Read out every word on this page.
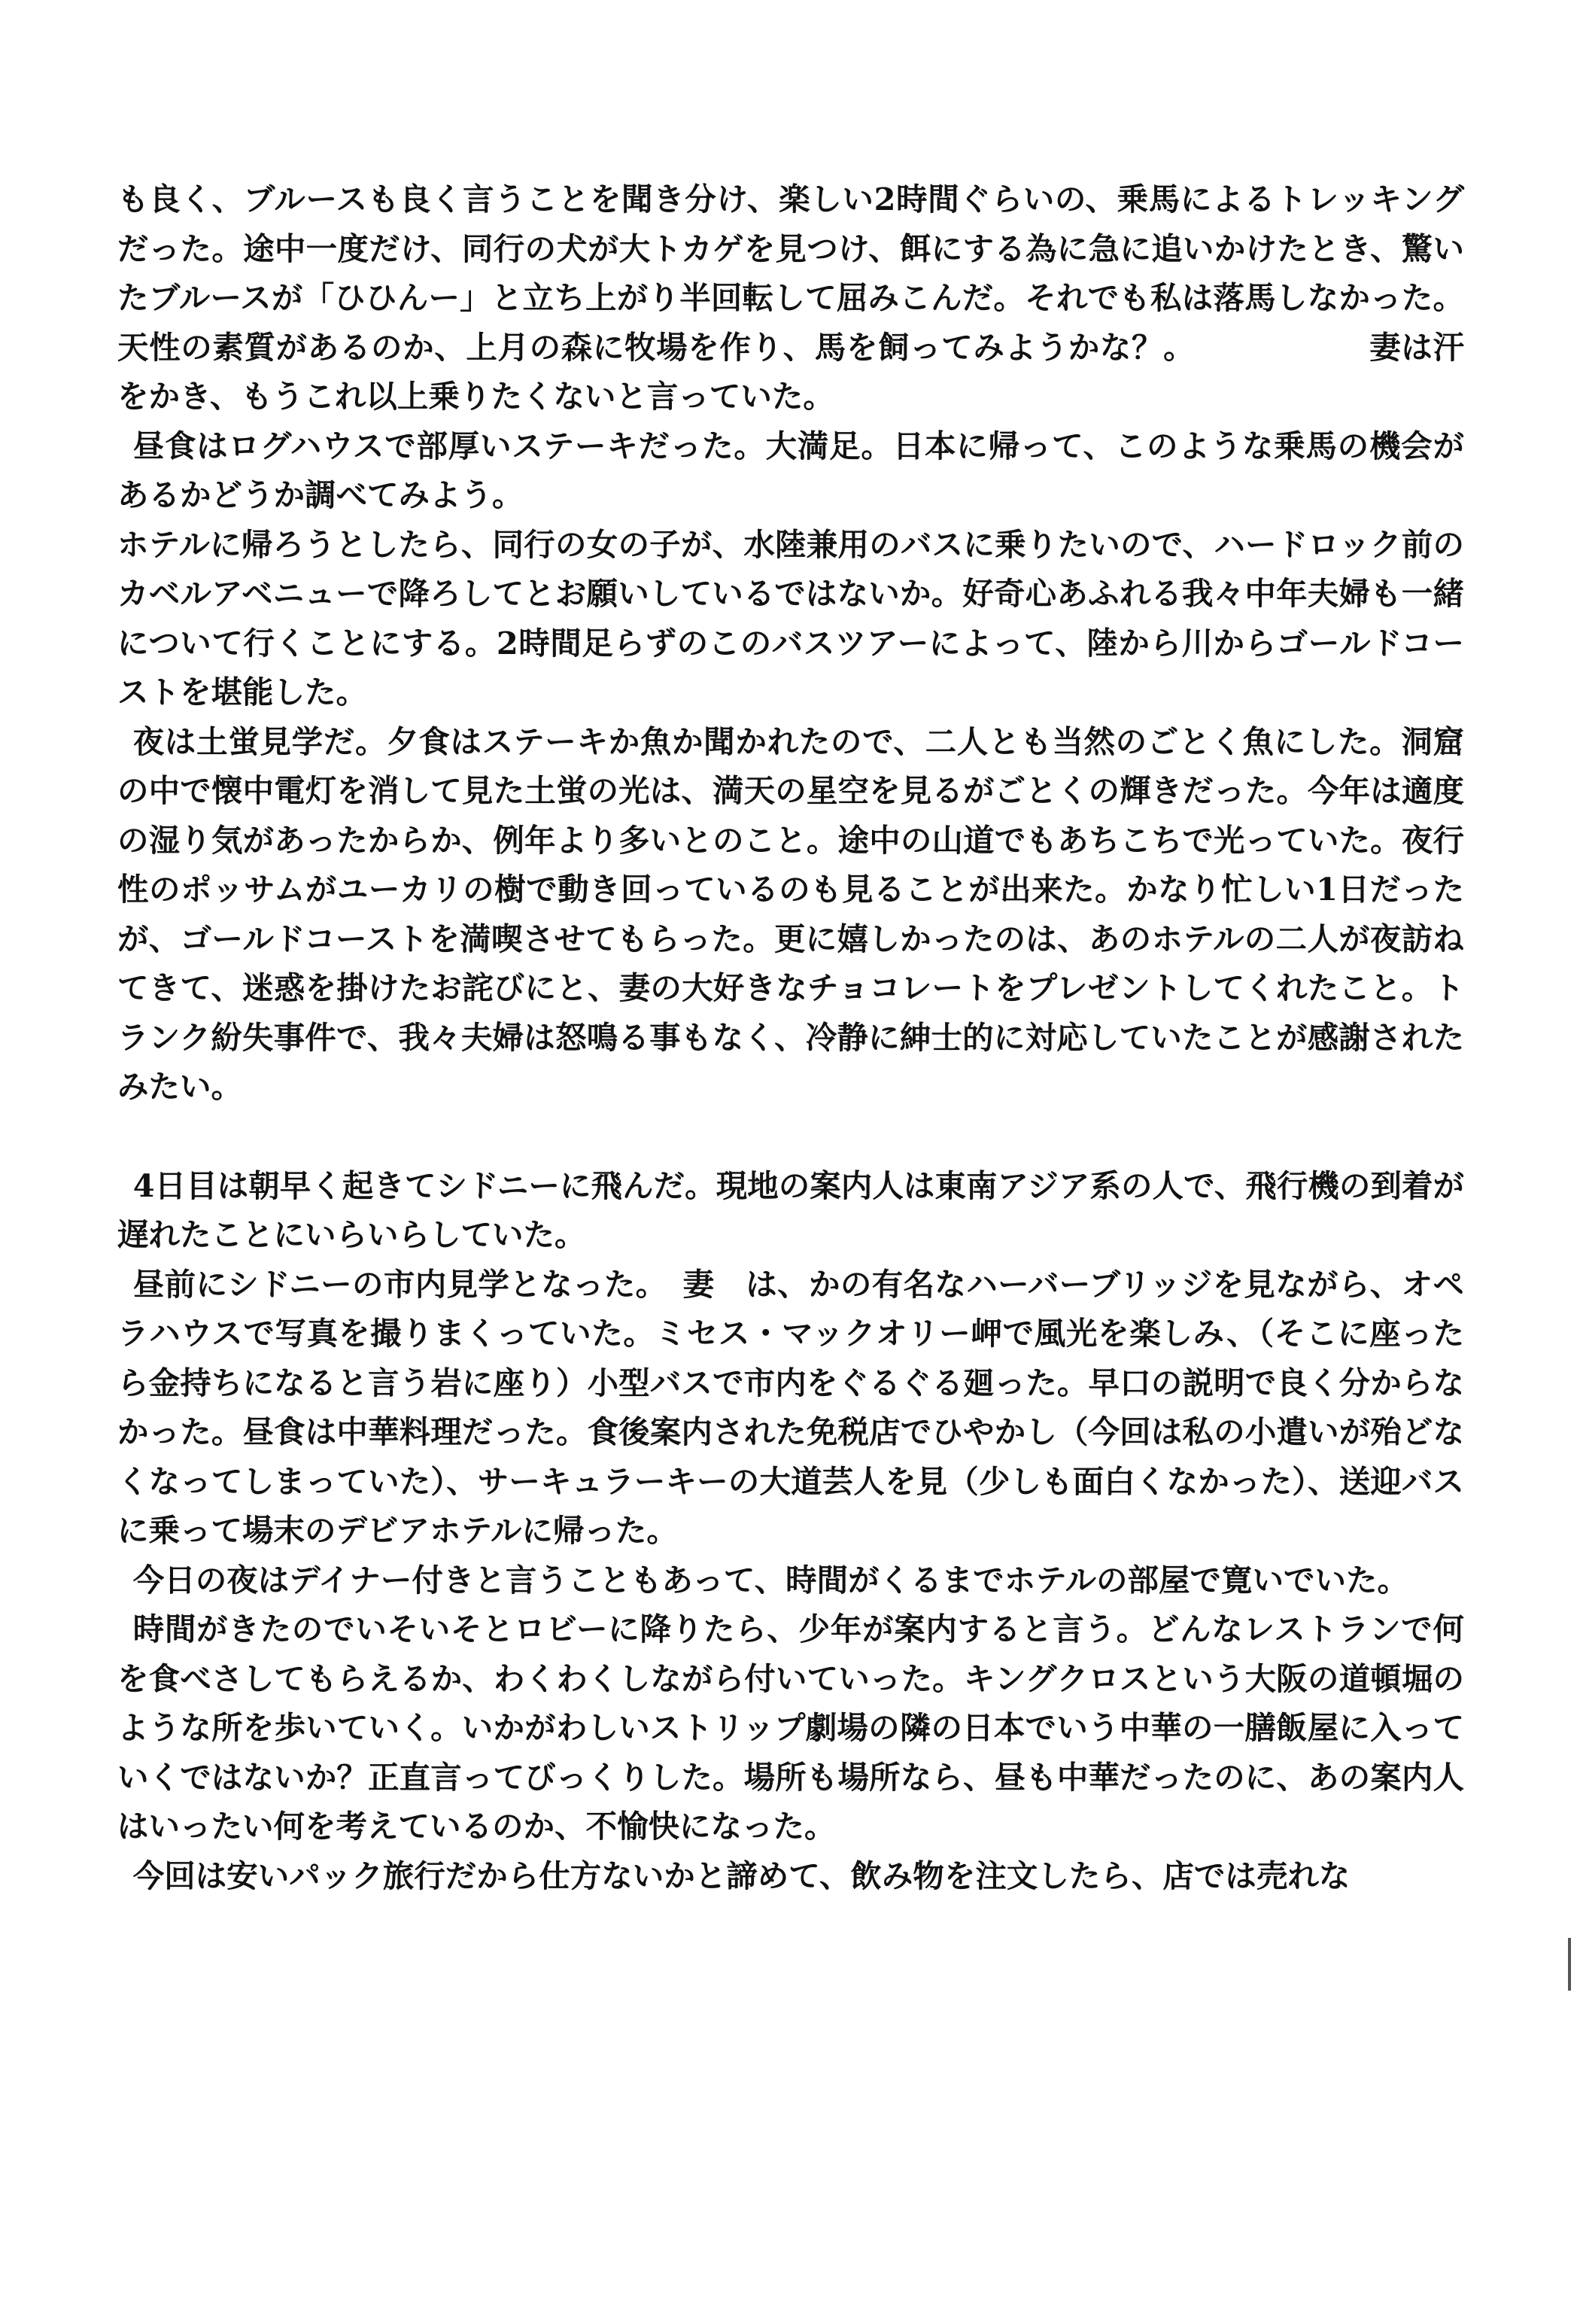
も良く、ブルースも良く言うことを聞き分け、楽しい2時間ぐらいの、乗馬によるトレッキングだった。途中一度だけ、同行の犬が大トカゲを見つけ、餌にする為に急に追いかけたとき、驚いたブルースが「ひひんー」と立ち上がり半回転して屈みこんだ。それでも私は落馬しなかった。天性の素質があるのか、上月の森に牧場を作り、馬を飼ってみようかな？。　　　　　　妻は汗をかき、もうこれ以上乗りたくないと言っていた。

昼食はログハウスで部厚いステーキだった。大満足。日本に帰って、このような乗馬の機会があるかどうか調べてみよう。

ホテルに帰ろうとしたら、同行の女の子が、水陸兼用のバスに乗りたいので、ハードロック前のカベルアベニューで降ろしてとお願いしているではないか。好奇心あふれる我々中年夫婦も一緒について行くことにする。2時間足らずのこのバスツアーによって、陸から川からゴールドコーストを堪能した。

夜は土蛍見学だ。夕食はステーキか魚か聞かれたので、二人とも当然のごとく魚にした。洞窟の中で懐中電灯を消して見た土蛍の光は、満天の星空を見るがごとくの輝きだった。今年は適度の湿り気があったからか、例年より多いとのこと。途中の山道でもあちこちで光っていた。夜行性のポッサムがユーカリの樹で動き回っているのも見ることが出来た。かなり忙しい1日だったが、ゴールドコーストを満喫させてもらった。更に嬉しかったのは、あのホテルの二人が夜訪ねてきて、迷惑を掛けたお詫びにと、妻の大好きなチョコレートをプレゼントしてくれたこと。トランク紛失事件で、我々夫婦は怒鳴る事もなく、冷静に紳士的に対応していたことが感謝されたみたい。

4日目は朝早く起きてシドニーに飛んだ。現地の案内人は東南アジア系の人で、飛行機の到着が遅れたことにいらいらしていた。

昼前にシドニーの市内見学となった。　妻　は、かの有名なハーバーブリッジを見ながら、オペラハウスで写真を撮りまくっていた。ミセス・マックオリー岬で風光を楽しみ、（そこに座ったら金持ちになると言う岩に座り）小型バスで市内をぐるぐる廻った。早口の説明で良く分からなかった。昼食は中華料理だった。食後案内された免税店でひやかし（今回は私の小遣いが殆どなくなってしまっていた）、サーキュラーキーの大道芸人を見（少しも面白くなかった）、送迎バスに乗って場末のデビアホテルに帰った。

今日の夜はデイナー付きと言うこともあって、時間がくるまでホテルの部屋で寛いでいた。

時間がきたのでいそいそとロビーに降りたら、少年が案内すると言う。どんなレストランで何を食べさしてもらえるか、わくわくしながら付いていった。キングクロスという大阪の道頓堀のような所を歩いていく。いかがわしいストリップ劇場の隣の日本でいう中華の一膳飯屋に入っていくではないか？正直言ってびっくりした。場所も場所なら、昼も中華だったのに、あの案内人はいったい何を考えているのか、不愉快になった。

今回は安いパック旅行だから仕方ないかと諦めて、飲み物を注文したら、店では売れな
